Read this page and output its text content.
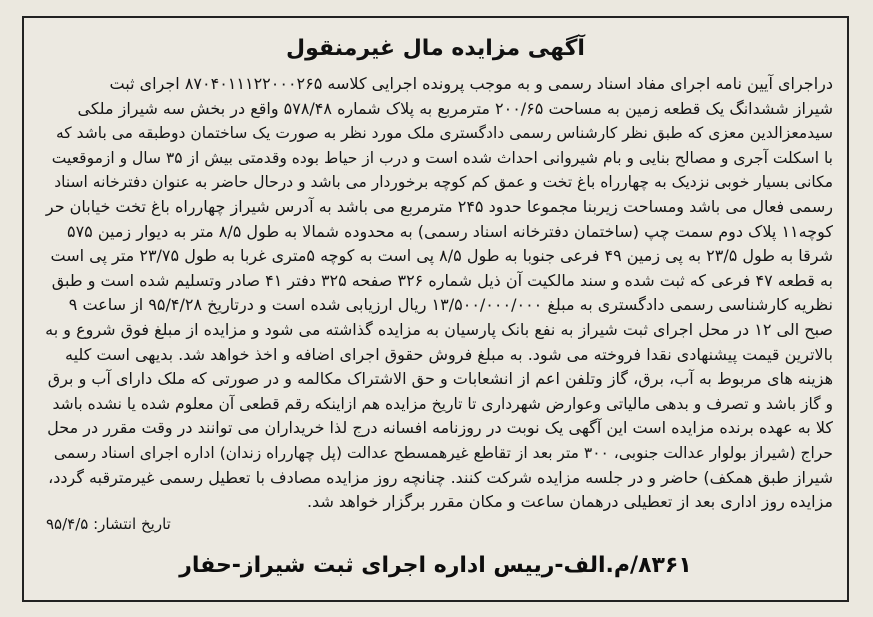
آگهی مزایده مال غیرمنقول

دراجرای آیین نامه اجرای مفاد اسناد رسمی و به موجب پرونده اجرایی کلاسه ۸۷۰۴۰۱۱۱۲۲۰۰۰۲۶۵ اجرای ثبت
شیراز ششدانگ یک قطعه زمین به مساحت ۲۰۰/۶۵ مترمربع به پلاک شماره ۵۷۸/۴۸ واقع در بخش سه شیراز ملکی
سیدمعزالدین معزی که طبق نظر کارشناس رسمی دادگستری ملک مورد نظر به صورت یک ساختمان دوطبقه می باشد که
با اسکلت آجری و مصالح بنایی و بام شیروانی احداث شده است و درب از حیاط بوده وقدمتی بیش از ۳۵ سال و ازموقعیت
مکانی بسیار خوبی نزدیک به چهارراه باغ تخت و عمق کم کوچه برخوردار می باشد و درحال حاضر به عنوان دفترخانه اسناد
رسمی فعال می باشد ومساحت زیربنا مجموعا حدود ۲۴۵ مترمربع می باشد به آدرس شیراز چهارراه باغ تخت خیابان حر
کوچه۱۱ پلاک دوم سمت چپ (ساختمان دفترخانه اسناد رسمی) به محدوده شمالا به طول ۸/۵ متر به دیوار زمین ۵۷۵
شرقا به طول ۲۳/۵ به پی زمین ۴۹ فرعی جنوبا به طول ۸/۵ پی است به کوچه ۵متری غربا به طول ۲۳/۷۵ متر پی است
به قطعه ۴۷ فرعی که ثبت شده و سند مالکیت آن ذیل شماره ۳۲۶ صفحه ۳۲۵ دفتر ۴۱ صادر وتسلیم شده است و طبق
نظریه کارشناسی رسمی دادگستری به مبلغ ۱۳/۵۰۰/۰۰۰/۰۰۰ ریال ارزیابی شده است و درتاریخ ۹۵/۴/۲۸ از ساعت ۹
صبح الی ۱۲ در محل اجرای ثبت شیراز به نفع بانک پارسیان به مزایده گذاشته می شود و مزایده از مبلغ فوق شروع و به
بالاترین قیمت پیشنهادی نقدا فروخته می شود. به مبلغ فروش حقوق اجرای اضافه و اخذ خواهد شد. بدیهی است کلیه
هزینه های مربوط به آب، برق، گاز وتلفن اعم از انشعابات و حق الاشتراک مکالمه و در صورتی که ملک دارای آب و برق
و گاز باشد و تصرف و بدهی مالیاتی وعوارض شهرداری تا تاریخ مزایده هم ازاینکه رقم قطعی آن معلوم شده یا نشده باشد
کلا به عهده برنده مزایده است این آگهی یک نوبت در روزنامه افسانه درج لذا خریداران می توانند در وقت مقرر در محل
حراج (شیراز بولوار عدالت جنوبی، ۳۰۰ متر بعد از تقاطع غیرهمسطح عدالت (پل چهارراه زندان) اداره اجرای اسناد رسمی
شیراز طبق همکف) حاضر و در جلسه مزایده شرکت کنند. چنانچه روز مزایده مصادف با تعطیل رسمی غیرمترقبه گردد،
مزایده روز اداری بعد از تعطیلی درهمان ساعت و مکان مقرر برگزار خواهد شد.

تاریخ انتشار: ۹۵/۴/۵
۸۳۶۱/م.الف-رییس اداره اجرای ثبت شیراز-حفار
